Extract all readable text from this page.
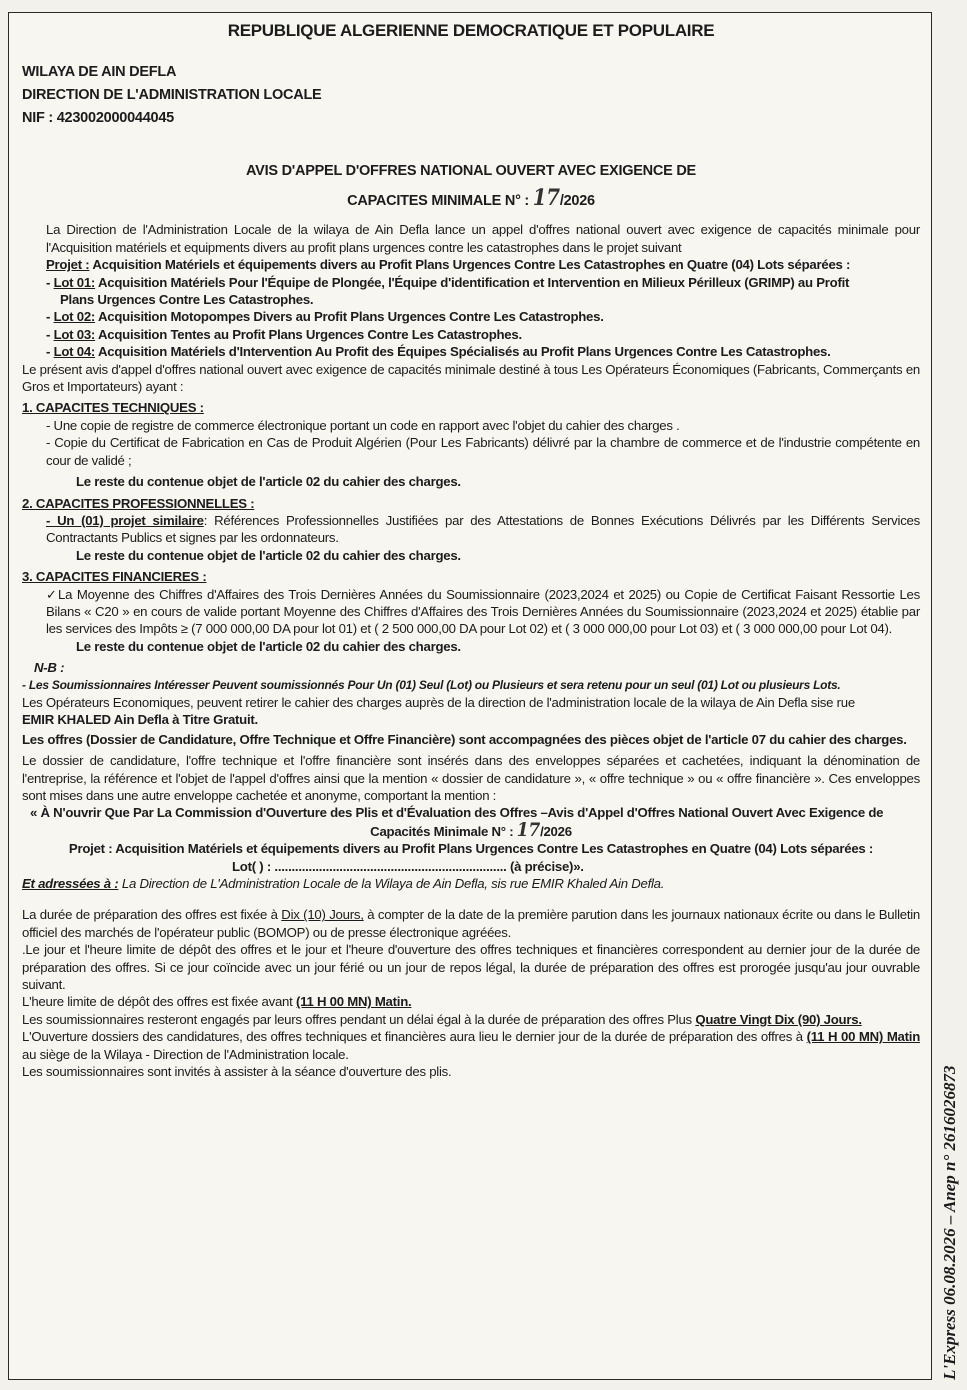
REPUBLIQUE ALGERIENNE DEMOCRATIQUE ET POPULAIRE
WILAYA DE AIN DEFLA
DIRECTION DE L'ADMINISTRATION LOCALE
NIF : 423002000044045
AVIS D'APPEL D'OFFRES NATIONAL OUVERT AVEC EXIGENCE DE
CAPACITES MINIMALE N° : 17/2026

La Direction de l'Administration Locale de la wilaya de Ain Defla lance un appel d'offres national ouvert avec exigence de capacités minimale pour l'Acquisition matériels et equipments divers au profit plans urgences contre les catastrophes dans le projet suivant

Projet : Acquisition Matériels et équipements divers au Profit Plans Urgences Contre Les Catastrophes en Quatre (04) Lots séparées :

- Lot 01: Acquisition Matériels Pour l'Équipe de Plongée, l'Équipe d'identification et Intervention en Milieux Périlleux (GRIMP) au Profit
Plans Urgences Contre Les Catastrophes.
- Lot 02: Acquisition Motopompes Divers au Profit Plans Urgences Contre Les Catastrophes.
- Lot 03: Acquisition Tentes au Profit Plans Urgences Contre Les Catastrophes.
- Lot 04: Acquisition Matériels d'Intervention Au Profit des Équipes Spécialisés au Profit Plans Urgences Contre Les Catastrophes.

Le présent avis d'appel d'offres national ouvert avec exigence de capacités minimale destiné à tous Les Opérateurs Économiques (Fabricants, Commerçants en Gros et Importateurs) ayant :

1. CAPACITES TECHNIQUES :

- Une copie de registre de commerce électronique portant un code en rapport avec l'objet du cahier des charges .

- Copie du Certificat de Fabrication en Cas de Produit Algérien (Pour Les Fabricants) délivré par la chambre de commerce et de l'industrie compétente en cour de validé ;

Le reste du contenue objet de l'article 02 du cahier des charges.

2. CAPACITES PROFESSIONNELLES :

- Un (01) projet similaire: Références Professionnelles Justifiées par des Attestations de Bonnes Exécutions Délivrés par les Différents Services Contractants Publics et signes par les ordonnateurs.

Le reste du contenue objet de l'article 02 du cahier des charges.

3. CAPACITES FINANCIERES :

✓La Moyenne des Chiffres d'Affaires des Trois Dernières Années du Soumissionnaire (2023,2024 et 2025) ou Copie de Certificat Faisant Ressortie Les Bilans « C20 » en cours de valide portant Moyenne des Chiffres d'Affaires des Trois Dernières Années du Soumissionnaire (2023,2024 et 2025) établie par les services des Impôts ≥ (7 000 000,00 DA pour lot 01) et ( 2 500 000,00 DA pour Lot 02) et ( 3 000 000,00 pour Lot 03) et ( 3 000 000,00 pour Lot 04).

Le reste du contenue objet de l'article 02 du cahier des charges.

N-B :

- Les Soumissionnaires Intéresser Peuvent soumissionnés Pour Un (01) Seul (Lot) ou Plusieurs et sera retenu pour un seul (01) Lot ou plusieurs Lots.

Les Opérateurs Economiques, peuvent retirer le cahier des charges auprès de la direction de l'administration locale de la wilaya de Ain Defla sise rue

EMIR KHALED Ain Defla à Titre Gratuit.

Les offres (Dossier de Candidature, Offre Technique et Offre Financière) sont accompagnées des pièces objet de l'article 07 du cahier des charges.

Le dossier de candidature, l'offre technique et l'offre financière sont insérés dans des enveloppes séparées et cachetées, indiquant la dénomination de l'entreprise, la référence et l'objet de l'appel d'offres ainsi que la mention « dossier de candidature », « offre technique » ou « offre financière ». Ces enveloppes sont mises dans une autre enveloppe cachetée et anonyme, comportant la mention :

« À N'ouvrir Que Par La Commission d'Ouverture des Plis et d'Évaluation des Offres –Avis d'Appel d'Offres National Ouvert Avec Exigence de

Capacités Minimale N° : 17/2026

Projet : Acquisition Matériels et équipements divers au Profit Plans Urgences Contre Les Catastrophes en Quatre (04) Lots séparées :

Lot( ) : .................................................................... (à précise)».

Et adressées à : La Direction de L'Administration Locale de la Wilaya de Ain Defla, sis rue EMIR Khaled Ain Defla.

La durée de préparation des offres est fixée à Dix (10) Jours, à compter de la date de la première parution dans les journaux nationaux écrite ou dans le Bulletin officiel des marchés de l'opérateur public (BOMOP) ou de presse électronique agréées.

.Le jour et l'heure limite de dépôt des offres et le jour et l'heure d'ouverture des offres techniques et financières correspondent au dernier jour de la durée de préparation des offres. Si ce jour coïncide avec un jour férié ou un jour de repos légal, la durée de préparation des offres est prorogée jusqu'au jour ouvrable suivant.

L'heure limite de dépôt des offres est fixée avant (11 H 00 MN) Matin.

Les soumissionnaires resteront engagés par leurs offres pendant un délai égal à la durée de préparation des offres Plus Quatre Vingt Dix (90) Jours.

L'Ouverture dossiers des candidatures, des offres techniques et financières aura lieu le dernier jour de la durée de préparation des offres à (11 H 00 MN) Matin au siège de la Wilaya - Direction de l'Administration locale.

Les soumissionnaires sont invités à assister à la séance d'ouverture des plis.	L'Express 06.08.2026 – Anep n° 2616026873
